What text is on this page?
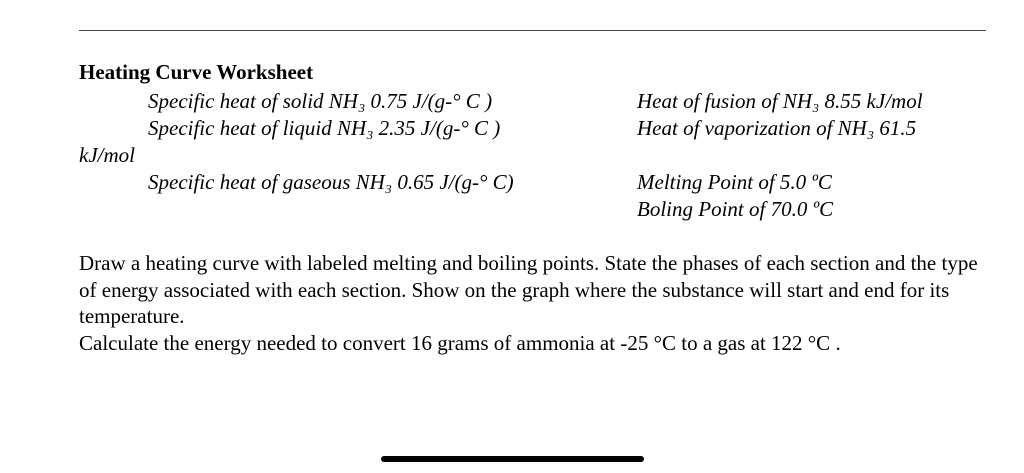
Heating Curve Worksheet
Specific heat of solid NH₃ 0.75 J/(g-° C )
Specific heat of liquid NH₃ 2.35 J/(g-° C )
kJ/mol
Specific heat of gaseous NH₃ 0.65 J/(g-° C)
Heat of fusion of NH₃ 8.55 kJ/mol
Heat of vaporization of NH₃ 61.5
Melting Point of 5.0 ºC
Boling Point of 70.0 ºC

Draw a heating curve with labeled melting and boiling points. State the phases of each section and the type of energy associated with each section. Show on the graph where the substance will start and end for its temperature.

Calculate the energy needed to convert 16 grams of ammonia at -25 °C to a gas at 122 °C .
